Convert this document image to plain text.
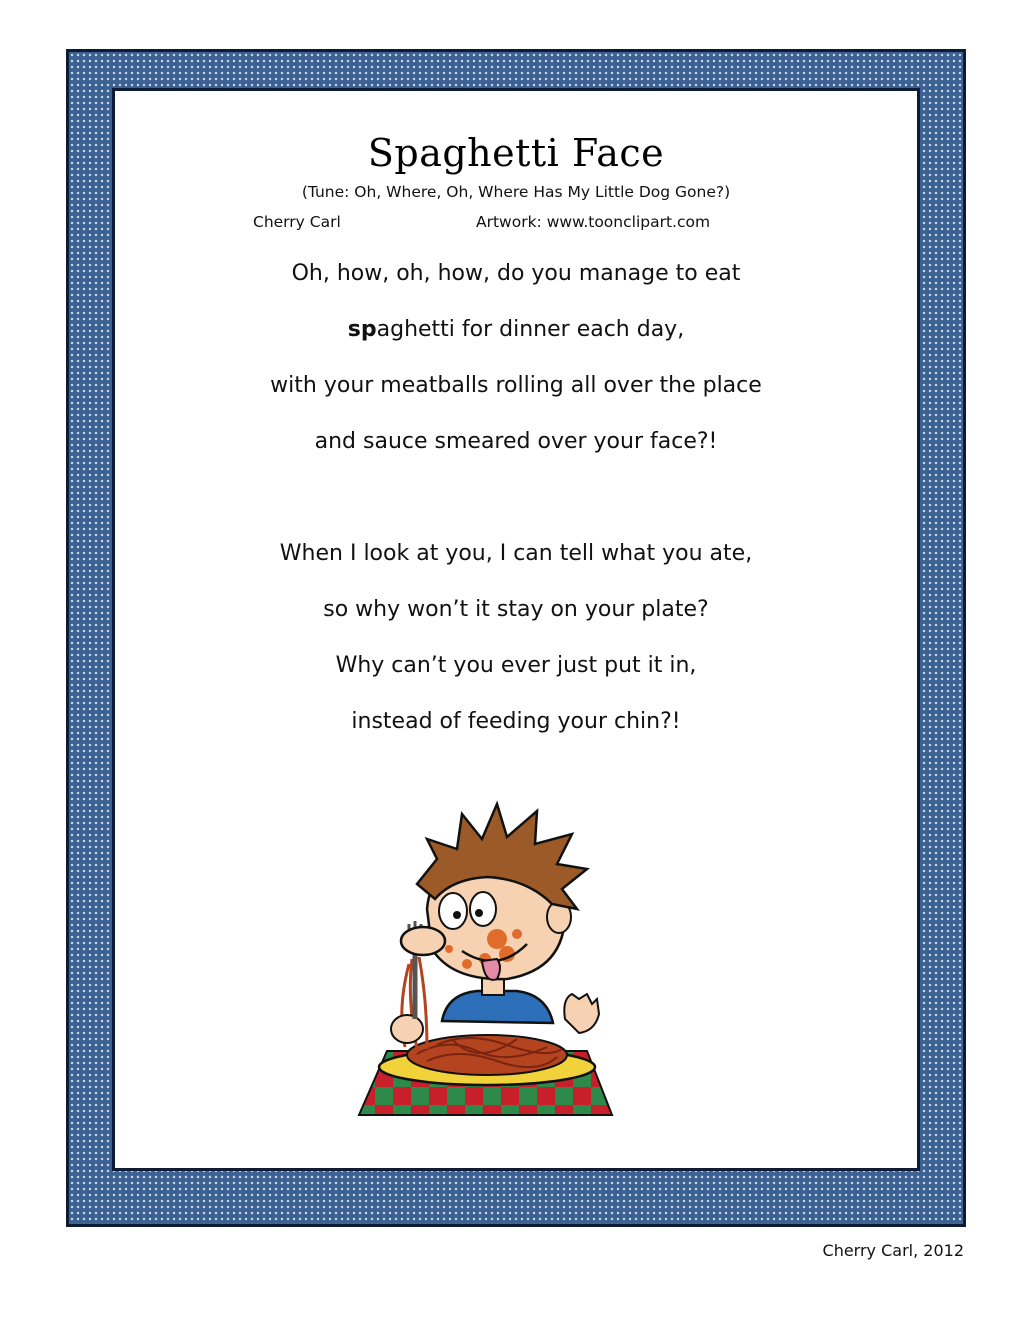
Spaghetti Face
(Tune: Oh, Where, Oh, Where Has My Little Dog Gone?)
Cherry Carl	Artwork: www.toonclipart.com
Oh, how, oh, how, do you manage to eat
spaghetti for dinner each day,
with your meatballs rolling all over the place
and sauce smeared over your face?!
When I look at you, I can tell what you ate,
so why won’t it stay on your plate?
Why can’t you ever just put it in,
instead of feeding your chin?!
Cherry Carl, 2012
